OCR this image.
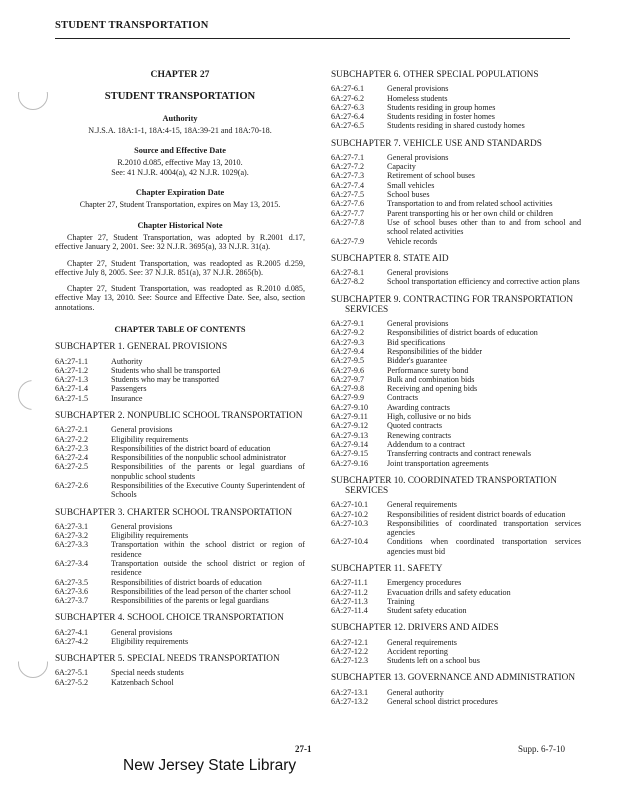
STUDENT TRANSPORTATION
CHAPTER 27
STUDENT TRANSPORTATION
Authority
N.J.S.A. 18A:1-1, 18A:4-15, 18A:39-21 and 18A:70-18.
Source and Effective Date
R.2010 d.085, effective May 13, 2010.
See: 41 N.J.R. 4004(a), 42 N.J.R. 1029(a).
Chapter Expiration Date
Chapter 27, Student Transportation, expires on May 13, 2015.
Chapter Historical Note
Chapter 27, Student Transportation, was adopted by R.2001 d.17, effective January 2, 2001. See: 32 N.J.R. 3695(a), 33 N.J.R. 31(a).
Chapter 27, Student Transportation, was readopted as R.2005 d.259, effective July 8, 2005. See: 37 N.J.R. 851(a), 37 N.J.R. 2865(b).
Chapter 27, Student Transportation, was readopted as R.2010 d.085, effective May 13, 2010. See: Source and Effective Date. See, also, section annotations.
CHAPTER TABLE OF CONTENTS
SUBCHAPTER 1. GENERAL PROVISIONS
6A:27-1.1	Authority
6A:27-1.2	Students who shall be transported
6A:27-1.3	Students who may be transported
6A:27-1.4	Passengers
6A:27-1.5	Insurance
SUBCHAPTER 2. NONPUBLIC SCHOOL TRANSPORTATION
6A:27-2.1	General provisions
6A:27-2.2	Eligibility requirements
6A:27-2.3	Responsibilities of the district board of education
6A:27-2.4	Responsibilities of the nonpublic school administrator
6A:27-2.5	Responsibilities of the parents or legal guardians of nonpublic school students
6A:27-2.6	Responsibilities of the Executive County Superintendent of Schools
SUBCHAPTER 3. CHARTER SCHOOL TRANSPORTATION
6A:27-3.1	General provisions
6A:27-3.2	Eligibility requirements
6A:27-3.3	Transportation within the school district or region of residence
6A:27-3.4	Transportation outside the school district or region of residence
6A:27-3.5	Responsibilities of district boards of education
6A:27-3.6	Responsibilities of the lead person of the charter school
6A:27-3.7	Responsibilities of the parents or legal guardians
SUBCHAPTER 4. SCHOOL CHOICE TRANSPORTATION
6A:27-4.1	General provisions
6A:27-4.2	Eligibility requirements
SUBCHAPTER 5. SPECIAL NEEDS TRANSPORTATION
6A:27-5.1	Special needs students
6A:27-5.2	Katzenbach School
SUBCHAPTER 6. OTHER SPECIAL POPULATIONS
6A:27-6.1	General provisions
6A:27-6.2	Homeless students
6A:27-6.3	Students residing in group homes
6A:27-6.4	Students residing in foster homes
6A:27-6.5	Students residing in shared custody homes
SUBCHAPTER 7. VEHICLE USE AND STANDARDS
6A:27-7.1	General provisions
6A:27-7.2	Capacity
6A:27-7.3	Retirement of school buses
6A:27-7.4	Small vehicles
6A:27-7.5	School buses
6A:27-7.6	Transportation to and from related school activities
6A:27-7.7	Parent transporting his or her own child or children
6A:27-7.8	Use of school buses other than to and from school and school related activities
6A:27-7.9	Vehicle records
SUBCHAPTER 8. STATE AID
6A:27-8.1	General provisions
6A:27-8.2	School transportation efficiency and corrective action plans
SUBCHAPTER 9. CONTRACTING FOR TRANSPORTATION SERVICES
6A:27-9.1	General provisions
6A:27-9.2	Responsibilities of district boards of education
6A:27-9.3	Bid specifications
6A:27-9.4	Responsibilities of the bidder
6A:27-9.5	Bidder's guarantee
6A:27-9.6	Performance surety bond
6A:27-9.7	Bulk and combination bids
6A:27-9.8	Receiving and opening bids
6A:27-9.9	Contracts
6A:27-9.10	Awarding contracts
6A:27-9.11	High, collusive or no bids
6A:27-9.12	Quoted contracts
6A:27-9.13	Renewing contracts
6A:27-9.14	Addendum to a contract
6A:27-9.15	Transferring contracts and contract renewals
6A:27-9.16	Joint transportation agreements
SUBCHAPTER 10. COORDINATED TRANSPORTATION SERVICES
6A:27-10.1	General requirements
6A:27-10.2	Responsibilities of resident district boards of education
6A:27-10.3	Responsibilities of coordinated transportation services agencies
6A:27-10.4	Conditions when coordinated transportation services agencies must bid
SUBCHAPTER 11. SAFETY
6A:27-11.1	Emergency procedures
6A:27-11.2	Evacuation drills and safety education
6A:27-11.3	Training
6A:27-11.4	Student safety education
SUBCHAPTER 12. DRIVERS AND AIDES
6A:27-12.1	General requirements
6A:27-12.2	Accident reporting
6A:27-12.3	Students left on a school bus
SUBCHAPTER 13. GOVERNANCE AND ADMINISTRATION
6A:27-13.1	General authority
6A:27-13.2	General school district procedures
27-1	Supp. 6-7-10
New Jersey State Library
